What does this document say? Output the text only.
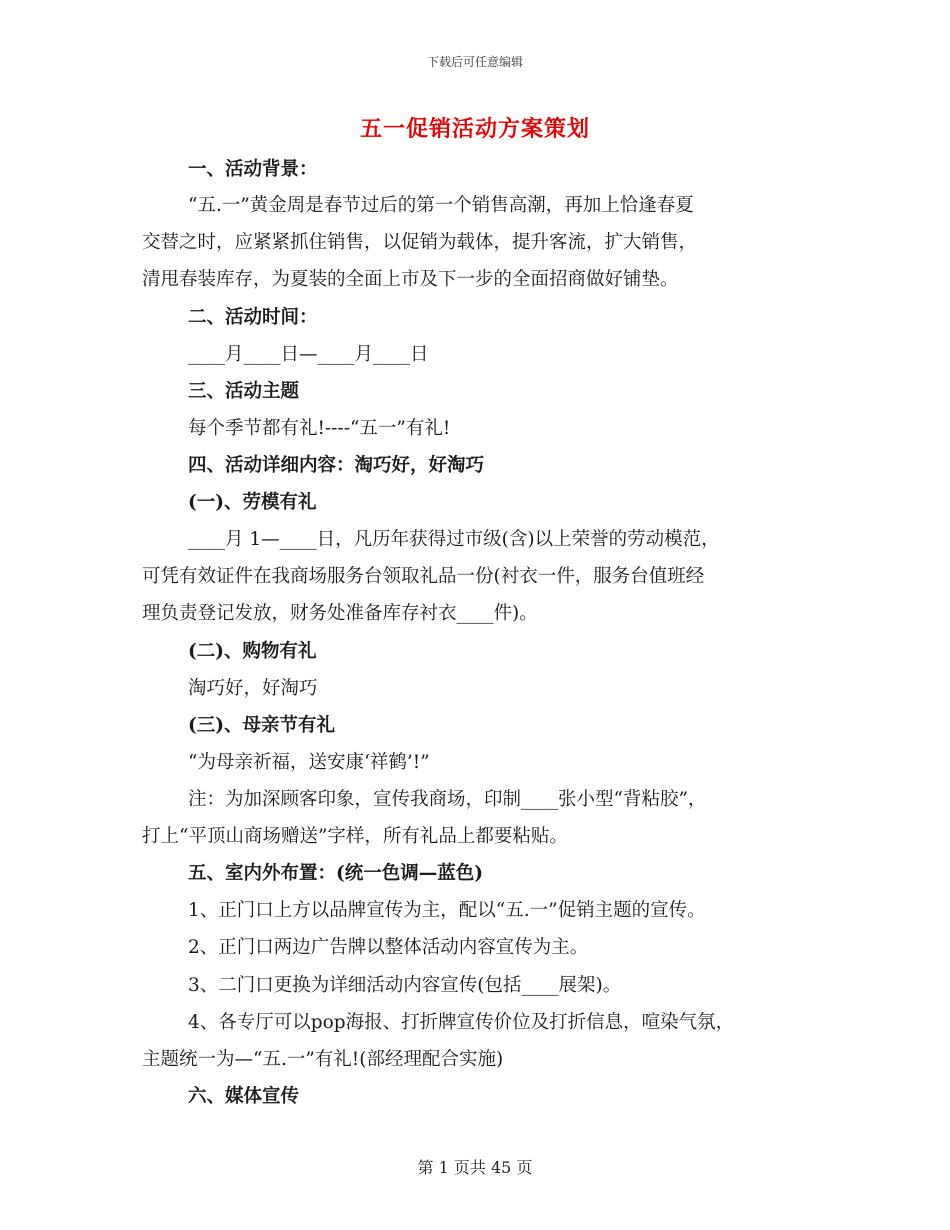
下载后可任意编辑
五一促销活动方案策划
一、活动背景：
“五.一”黄金周是春节过后的第一个销售高潮，再加上恰逢春夏
交替之时，应紧紧抓住销售，以促销为载体，提升客流，扩大销售，
清甩春装库存，为夏装的全面上市及下一步的全面招商做好铺垫。
二、活动时间：
____月____日—____月____日
三、活动主题
每个季节都有礼!----“五一”有礼!
四、活动详细内容：淘巧好，好淘巧
(一)、劳模有礼
____月 1—____日，凡历年获得过市级(含)以上荣誉的劳动模范，
可凭有效证件在我商场服务台领取礼品一份(衬衣一件，服务台值班经
理负责登记发放，财务处准备库存衬衣____件)。
(二)、购物有礼
淘巧好，好淘巧
(三)、母亲节有礼
“为母亲祈福，送安康‘祥鹤’!”
注：为加深顾客印象，宣传我商场，印制____张小型“背粘胶”，
打上“平顶山商场赠送”字样，所有礼品上都要粘贴。
五、室内外布置：(统一色调—蓝色)
1、正门口上方以品牌宣传为主，配以“五.一”促销主题的宣传。
2、正门口两边广告牌以整体活动内容宣传为主。
3、二门口更换为详细活动内容宣传(包括____展架)。
4、各专厅可以pop海报、打折牌宣传价位及打折信息，喧染气氛，
主题统一为—“五.一”有礼!(部经理配合实施)
六、媒体宣传
第 1 页共 45 页
